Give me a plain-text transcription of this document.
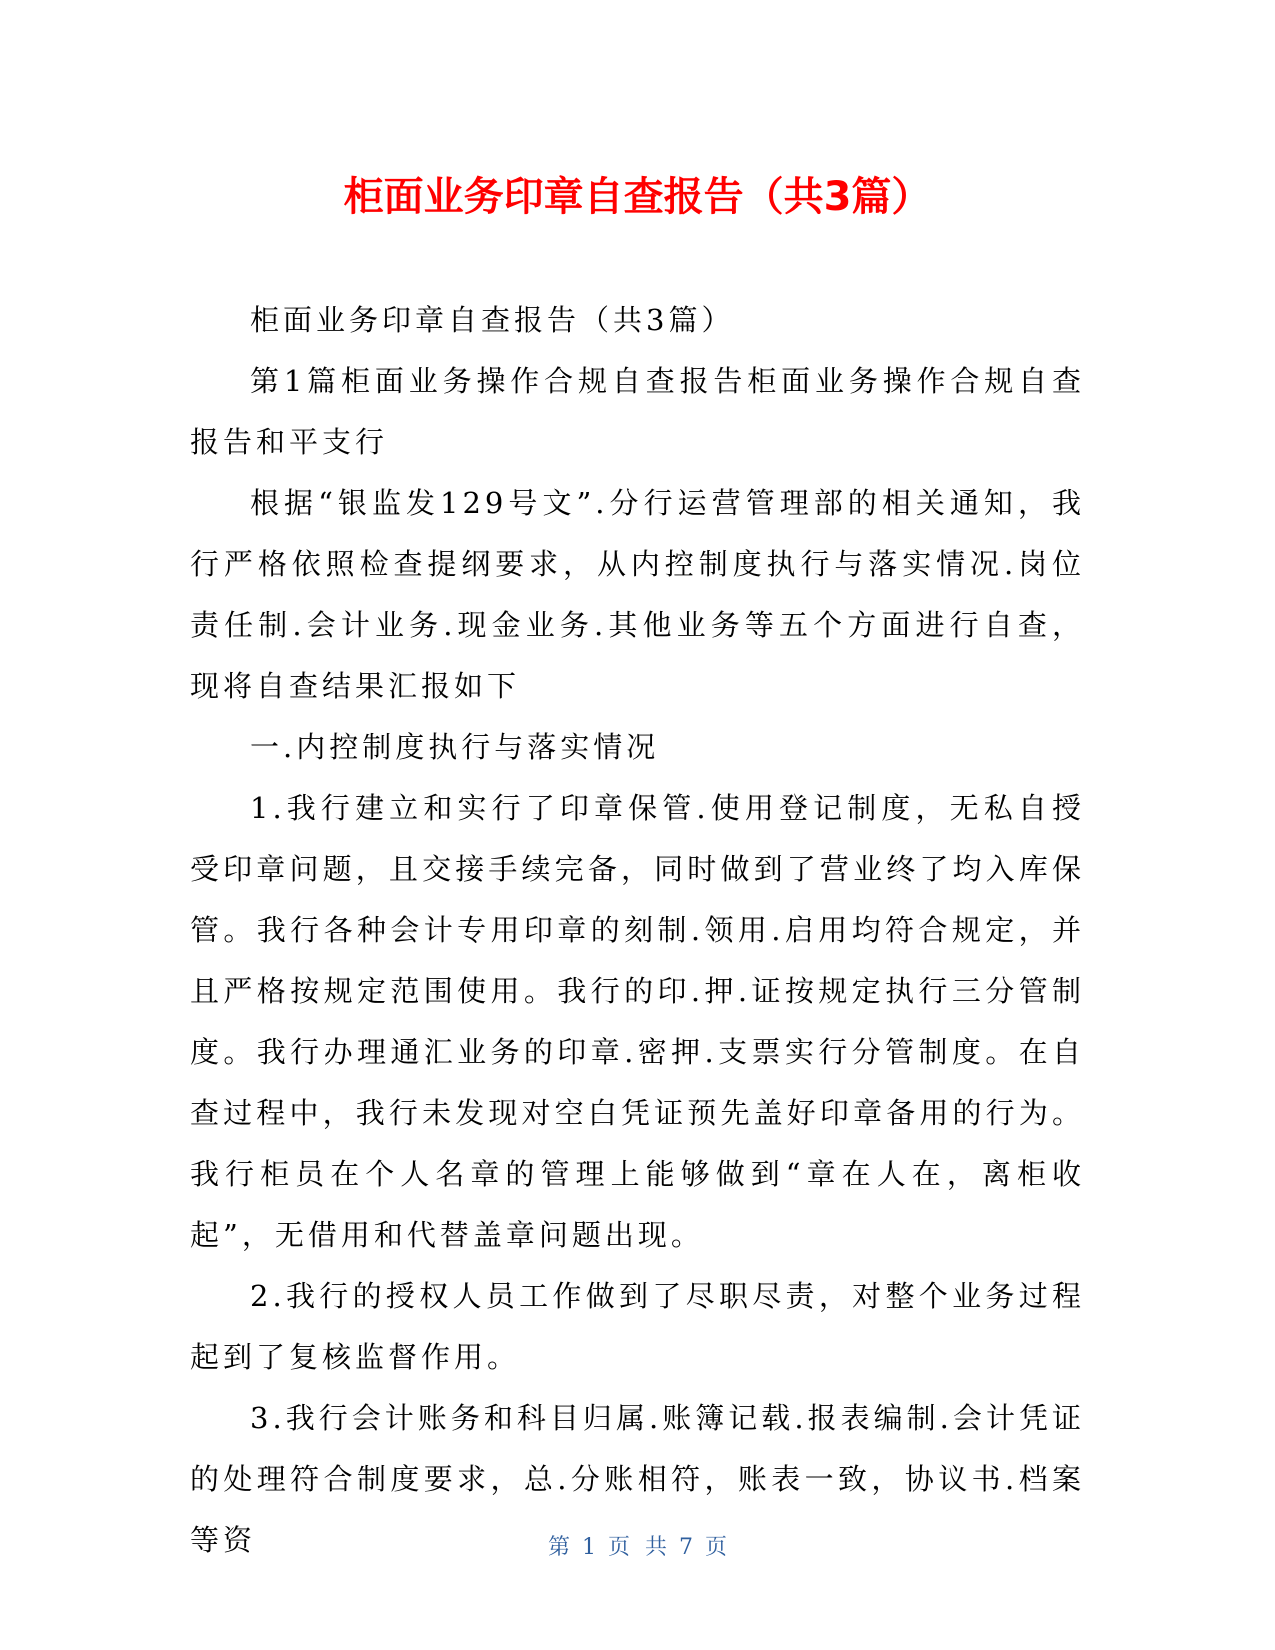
柜面业务印章自查报告（共3篇）

柜面业务印章自查报告（共3篇）

第1篇柜面业务操作合规自查报告柜面业务操作合规自查报告和平支行

根据“银监发129号文”.分行运营管理部的相关通知，我行严格依照检查提纲要求，从内控制度执行与落实情况.岗位责任制.会计业务.现金业务.其他业务等五个方面进行自查，现将自查结果汇报如下

一.内控制度执行与落实情况

1.我行建立和实行了印章保管.使用登记制度，无私自授受印章问题，且交接手续完备，同时做到了营业终了均入库保管。我行各种会计专用印章的刻制.领用.启用均符合规定，并且严格按规定范围使用。我行的印.押.证按规定执行三分管制度。我行办理通汇业务的印章.密押.支票实行分管制度。在自查过程中，我行未发现对空白凭证预先盖好印章备用的行为。我行柜员在个人名章的管理上能够做到“章在人在，离柜收起”，无借用和代替盖章问题出现。

2.我行的授权人员工作做到了尽职尽责，对整个业务过程起到了复核监督作用。

3.我行会计账务和科目归属.账簿记载.报表编制.会计凭证的处理符合制度要求，总.分账相符，账表一致，协议书.档案等资	第 1 页 共 7 页
